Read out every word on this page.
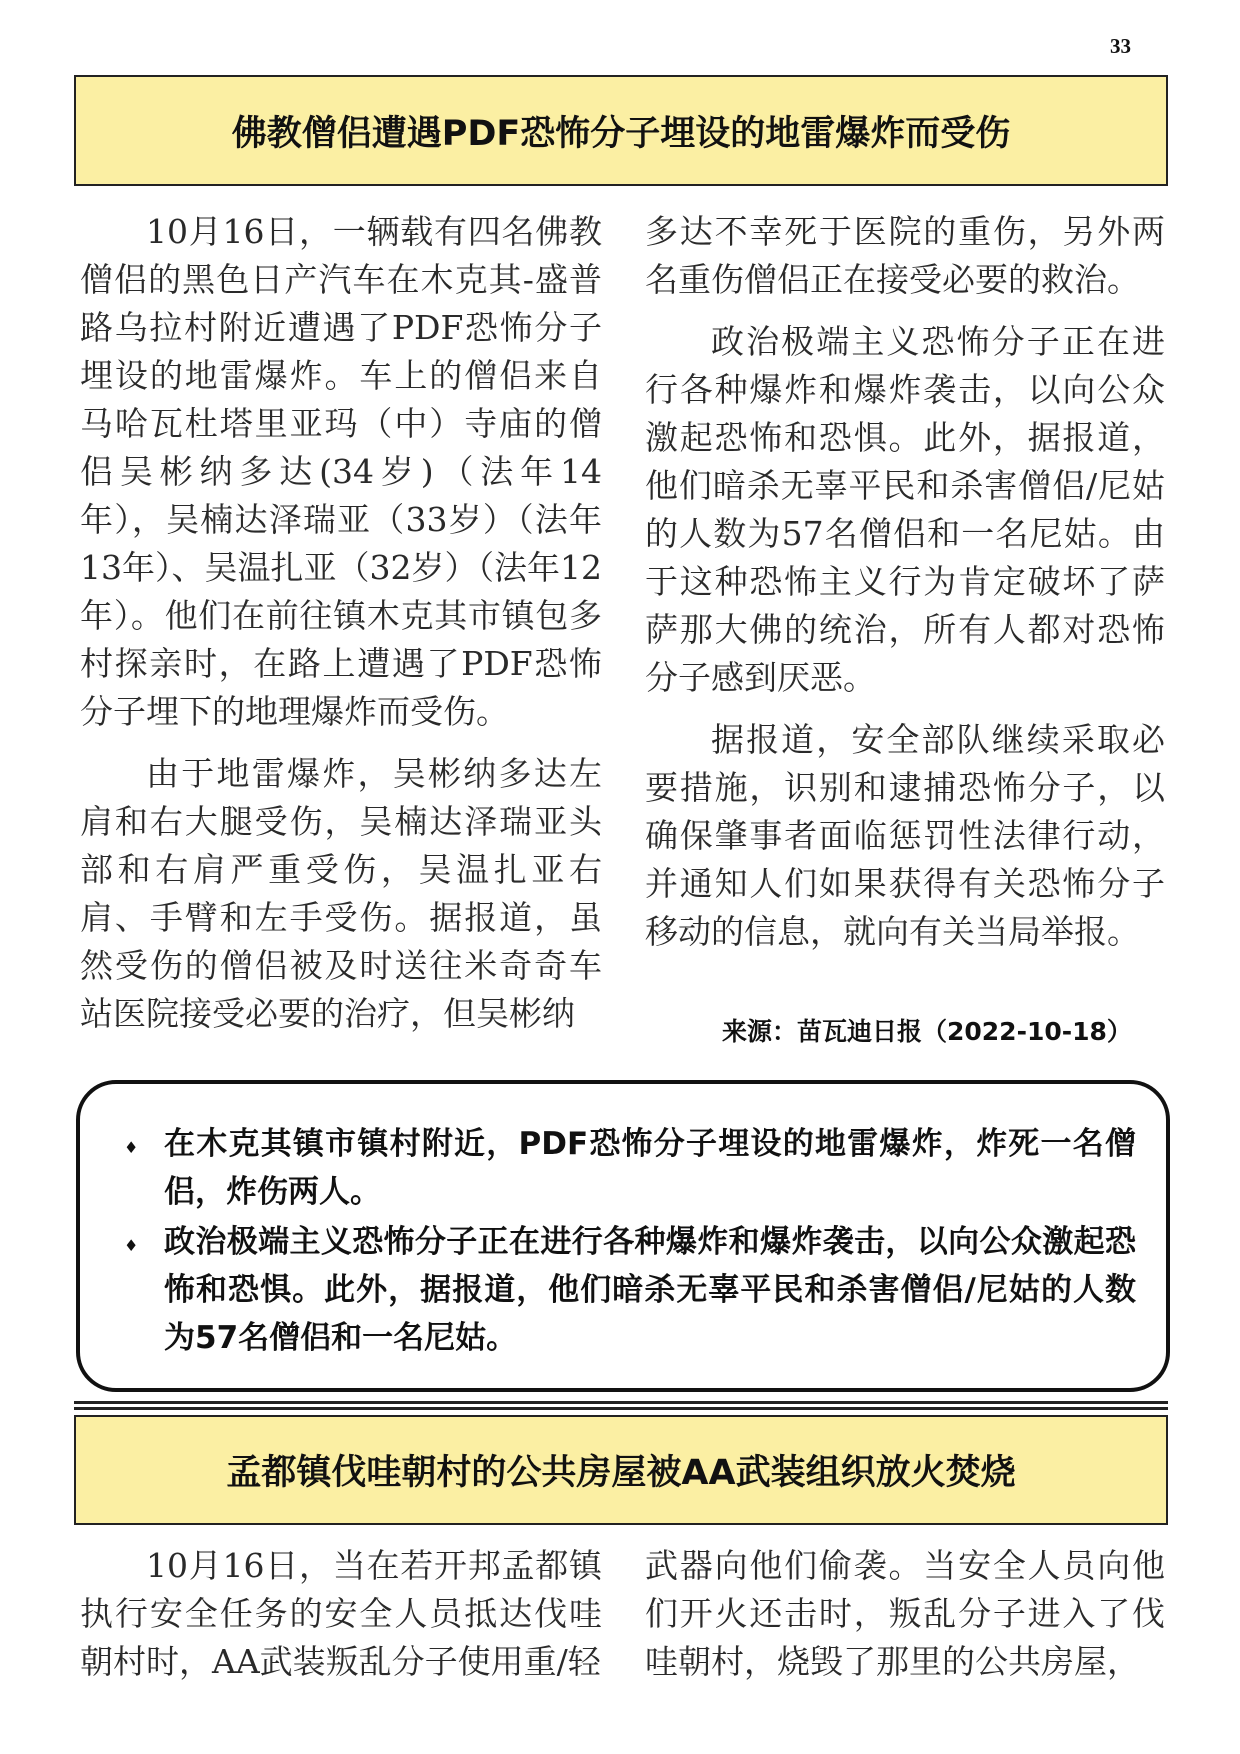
33
佛教僧侣遭遇PDF恐怖分子埋设的地雷爆炸而受伤

10月16日，一辆载有四名佛教僧侣的黑色日产汽车在木克其-盛普路乌拉村附近遭遇了PDF恐怖分子埋设的地雷爆炸。车上的僧侣来自马哈瓦杜塔里亚玛（中）寺庙的僧侣吴彬纳多达(34岁)（法年14年），吴楠达泽瑞亚（33岁）（法年13年）、吴温扎亚（32岁）（法年12年）。他们在前往镇木克其市镇包多村探亲时，在路上遭遇了PDF恐怖分子埋下的地理爆炸而受伤。

由于地雷爆炸，吴彬纳多达左肩和右大腿受伤，吴楠达泽瑞亚头部和右肩严重受伤，吴温扎亚右肩、手臂和左手受伤。据报道，虽然受伤的僧侣被及时送往米奇奇车站医院接受必要的治疗，但吴彬纳

多达不幸死于医院的重伤，另外两名重伤僧侣正在接受必要的救治。

政治极端主义恐怖分子正在进行各种爆炸和爆炸袭击，以向公众激起恐怖和恐惧。此外，据报道，他们暗杀无辜平民和杀害僧侣/尼姑的人数为57名僧侣和一名尼姑。由于这种恐怖主义行为肯定破坏了萨萨那大佛的统治，所有人都对恐怖分子感到厌恶。

据报道，安全部队继续采取必要措施，识别和逮捕恐怖分子，以确保肇事者面临惩罚性法律行动，并通知人们如果获得有关恐怖分子移动的信息，就向有关当局举报。

来源：苗瓦迪日报（2022-10-18）
♦ 在木克其镇市镇村附近，PDF恐怖分子埋设的地雷爆炸，炸死一名僧侣，炸伤两人。
♦ 政治极端主义恐怖分子正在进行各种爆炸和爆炸袭击，以向公众激起恐怖和恐惧。此外，据报道，他们暗杀无辜平民和杀害僧侣/尼姑的人数为57名僧侣和一名尼姑。
孟都镇伐哇朝村的公共房屋被AA武装组织放火焚烧

10月16日，当在若开邦孟都镇执行安全任务的安全人员抵达伐哇朝村时，AA武装叛乱分子使用重/轻

武器向他们偷袭。当安全人员向他们开火还击时，叛乱分子进入了伐哇朝村，烧毁了那里的公共房屋，
